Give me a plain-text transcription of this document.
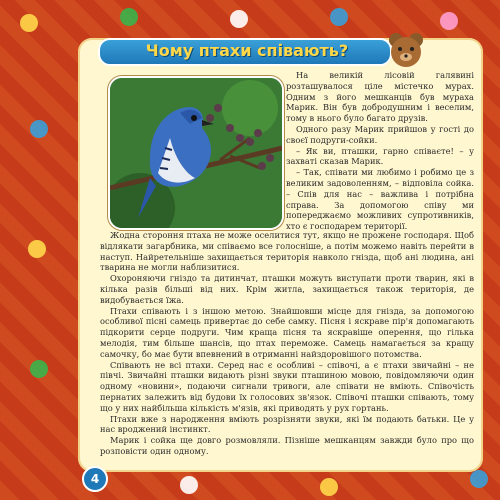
Чому птахи співають?

На великій лісовій галявині розташувалося ціле містечко мурах. Одним з його мешканців був мураха Марик. Він був добродушним і веселим, тому в нього було багато друзів.

Одного разу Марик прийшов у гості до своєї подруги-сойки.

– Як ви, пташки, гарно співаєте! – у захваті сказав Марик.

– Так, співати ми любимо і робимо це з великим задоволенням, – відповіла сойка. – Спів для нас – важлива і потрібна справа. За допомогою співу ми попереджаємо можливих супротивників, хто є господарем території.

Жодна стороння птаха не може оселитися тут, якщо не прожене господаря. Щоб відлякати загарбника, ми співаємо все голосніше, а потім можемо навіть перейти в наступ. Найретельніше захищається територія навколо гнізда, щоб ані людина, ані тварина не могли наблизитися.

Охороняючи гніздо та дитинчат, пташки можуть виступати проти тварин, які в кілька разів більші від них. Крім житла, захищається також територія, де видобувається їжа.

Птахи співають і з іншою метою. Знайшовши місце для гнізда, за допомогою особливої пісні самець привертає до себе самку. Пісня і яскраве пір'я допомагають підкорити серце подруги. Чим краща пісня та яскравіше оперення, що гілька мелодія, тим більше шансів, що птах переможе. Самець намагається за кращу самочку, бо має бути впевнений в отриманні найздоровішого потомства.

Співають не всі птахи. Серед нас є особливі – співочі, а є птахи звичайні – не півчі. Звичайні пташки видають різні звуки пташиною мовою, повідомляючи один одному «новини», подаючи сигнали тривоги, але співати не вміють. Співочість пернатих залежить від будови їх голосових зв'язок. Співочі пташки співають, тому що у них найбільша кількість м'язів, які приводять у рух гортань.

Птахи вже з народження вміють розрізняти звуки, які їм подають батьки. Це у нас вроджений інстинкт.

Марик і сойка ще довго розмовляли. Пізніше мешканцям завжди було про що розповісти один одному.

4
